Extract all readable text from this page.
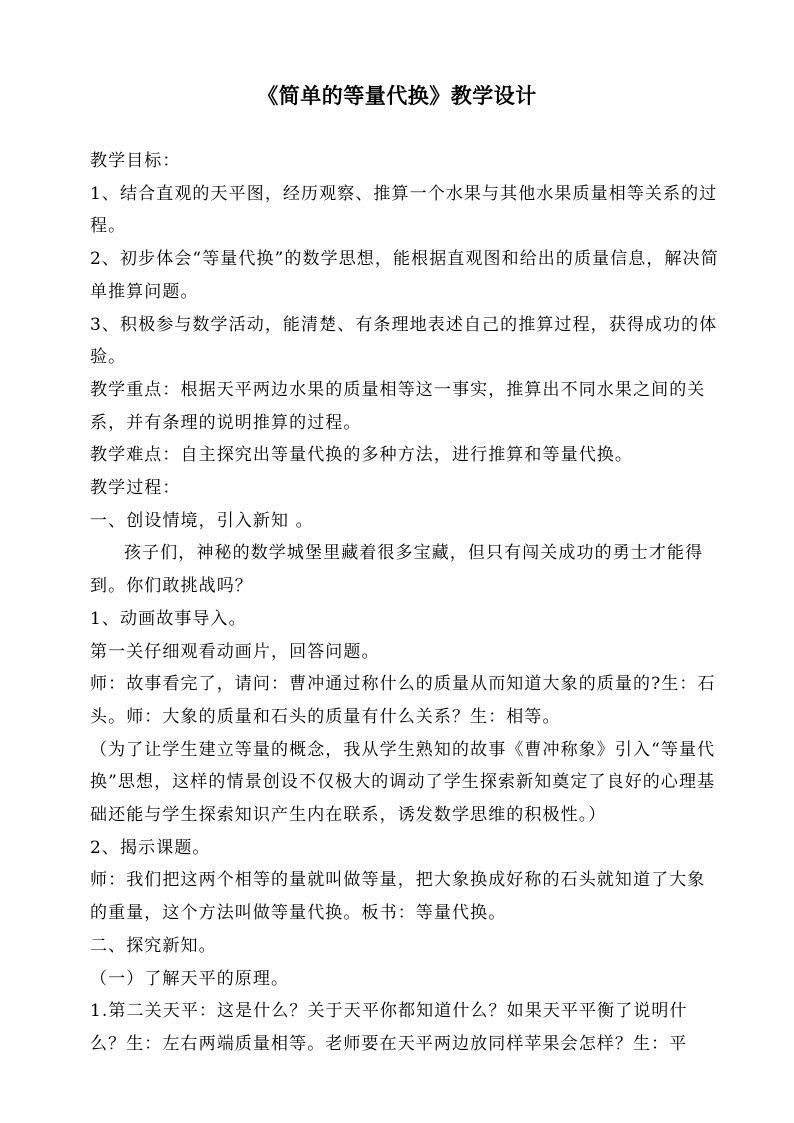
《简单的等量代换》教学设计

教学目标：

1、结合直观的天平图，经历观察、推算一个水果与其他水果质量相等关系的过程。

2、初步体会“等量代换”的数学思想，能根据直观图和给出的质量信息，解决简单推算问题。

3、积极参与数学活动，能清楚、有条理地表述自己的推算过程，获得成功的体验。

教学重点：根据天平两边水果的质量相等这一事实，推算出不同水果之间的关系，并有条理的说明推算的过程。

教学难点：自主探究出等量代换的多种方法，进行推算和等量代换。

教学过程：

一、创设情境，引入新知 。

孩子们，神秘的数学城堡里藏着很多宝藏，但只有闯关成功的勇士才能得到。你们敢挑战吗？

1、动画故事导入。

第一关仔细观看动画片，回答问题。

师：故事看完了，请问：曹冲通过称什么的质量从而知道大象的质量的?生：石头。师：大象的质量和石头的质量有什么关系？生：相等。

（为了让学生建立等量的概念，我从学生熟知的故事《曹冲称象》引入“等量代换”思想，这样的情景创设不仅极大的调动了学生探索新知奠定了良好的心理基础还能与学生探索知识产生内在联系，诱发数学思维的积极性。）

2、揭示课题。

师：我们把这两个相等的量就叫做等量，把大象换成好称的石头就知道了大象的重量，这个方法叫做等量代换。板书：等量代换。

二、探究新知。

（一）了解天平的原理。

1.第二关天平：这是什么？关于天平你都知道什么？如果天平平衡了说明什么？生：左右两端质量相等。老师要在天平两边放同样苹果会怎样？生：平
